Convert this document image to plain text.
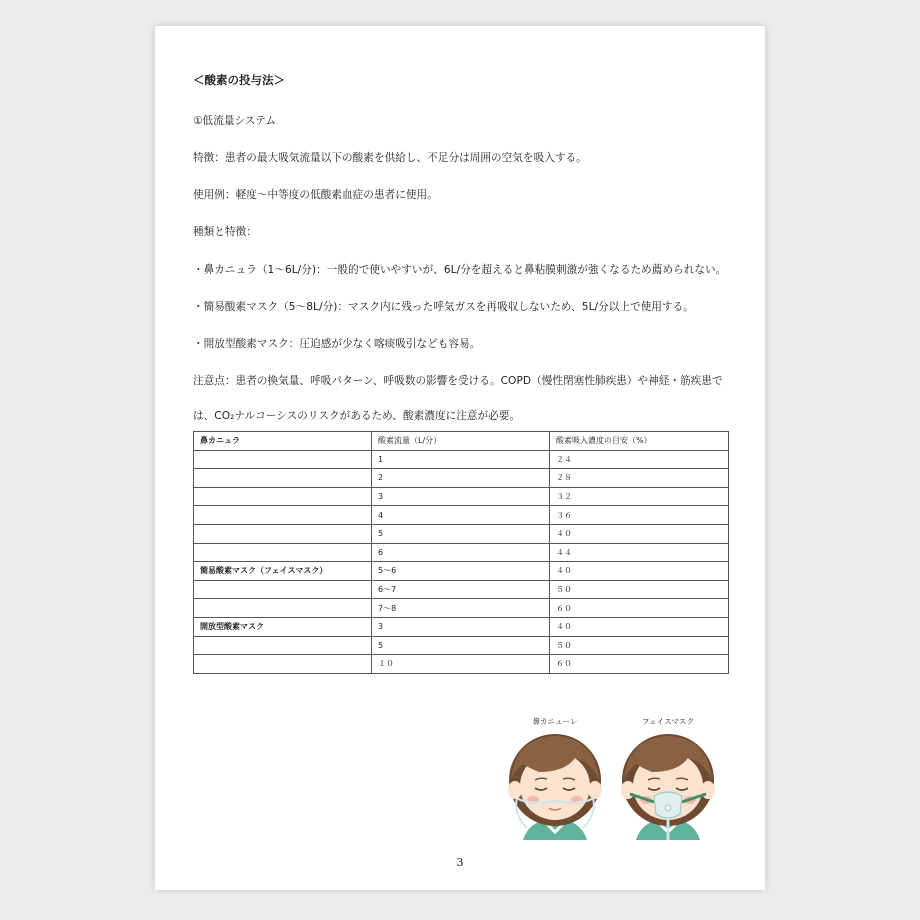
＜酸素の投与法＞
①低流量システム
特徴：患者の最大吸気流量以下の酸素を供給し、不足分は周囲の空気を吸入する。
使用例：軽度〜中等度の低酸素血症の患者に使用。
種類と特徴：
・鼻カニュラ（1〜6L/分)：一般的で使いやすいが、6L/分を超えると鼻粘膜刺激が強くなるため薦められない。
・簡易酸素マスク（5〜8L/分)：マスク内に残った呼気ガスを再吸収しないため、5L/分以上で使用する。
・開放型酸素マスク：圧迫感が少なく喀痰吸引なども容易。
注意点：患者の換気量、呼吸パターン、呼吸数の影響を受ける。COPD（慢性閉塞性肺疾患）や神経・筋疾患で
は、CO₂ナルコーシスのリスクがあるため、酸素濃度に注意が必要。
鼻カニュラ	酸素流量（L/分）	酸素吸入濃度の目安（%）
	1	２４
	2	２８
	3	３２
	4	３６
	5	４０
	6	４４
簡易酸素マスク（フェイスマスク）	5〜6	４０
	6〜7	５０
	7〜8	６０
開放型酸素マスク	3	４０
	5	５０
	１０	６０
鼻カニューレ	フェイスマスク
3
